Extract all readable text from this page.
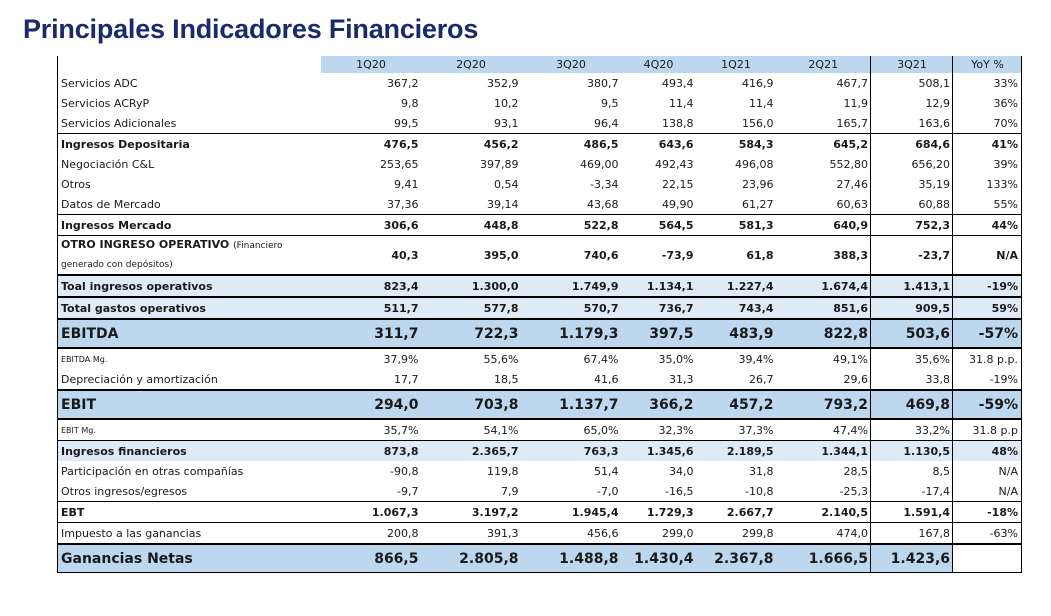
Principales Indicadores Financieros
	1Q20	2Q20	3Q20	4Q20	1Q21	2Q21	3Q21	YoY %
Servicios ADC	367,2	352,9	380,7	493,4	416,9	467,7	508,1	33%
Servicios ACRyP	9,8	10,2	9,5	11,4	11,4	11,9	12,9	36%
Servicios Adicionales	99,5	93,1	96,4	138,8	156,0	165,7	163,6	70%
Ingresos Depositaria	476,5	456,2	486,5	643,6	584,3	645,2	684,6	41%
Negociación C&L	253,65	397,89	469,00	492,43	496,08	552,80	656,20	39%
Otros	9,41	0,54	-3,34	22,15	23,96	27,46	35,19	133%
Datos de Mercado	37,36	39,14	43,68	49,90	61,27	60,63	60,88	55%
Ingresos Mercado	306,6	448,8	522,8	564,5	581,3	640,9	752,3	44%
OTRO INGRESO OPERATIVO (Financiero generado con depósitos)	40,3	395,0	740,6	-73,9	61,8	388,3	-23,7	N/A
Toal ingresos operativos	823,4	1.300,0	1.749,9	1.134,1	1.227,4	1.674,4	1.413,1	-19%
Total gastos operativos	511,7	577,8	570,7	736,7	743,4	851,6	909,5	59%
EBITDA	311,7	722,3	1.179,3	397,5	483,9	822,8	503,6	-57%
EBITDA Mg.	37,9%	55,6%	67,4%	35,0%	39,4%	49,1%	35,6%	31.8 p.p.
Depreciación y amortización	17,7	18,5	41,6	31,3	26,7	29,6	33,8	-19%
EBIT	294,0	703,8	1.137,7	366,2	457,2	793,2	469,8	-59%
EBIT Mg.	35,7%	54,1%	65,0%	32,3%	37,3%	47,4%	33,2%	31.8 p.p
Ingresos financieros	873,8	2.365,7	763,3	1.345,6	2.189,5	1.344,1	1.130,5	48%
Participación en otras compañías	-90,8	119,8	51,4	34,0	31,8	28,5	8,5	N/A
Otros ingresos/egresos	-9,7	7,9	-7,0	-16,5	-10,8	-25,3	-17,4	N/A
EBT	1.067,3	3.197,2	1.945,4	1.729,3	2.667,7	2.140,5	1.591,4	-18%
Impuesto a las ganancias	200,8	391,3	456,6	299,0	299,8	474,0	167,8	-63%
Ganancias Netas	866,5	2.805,8	1.488,8	1.430,4	2.367,8	1.666,5	1.423,6	
